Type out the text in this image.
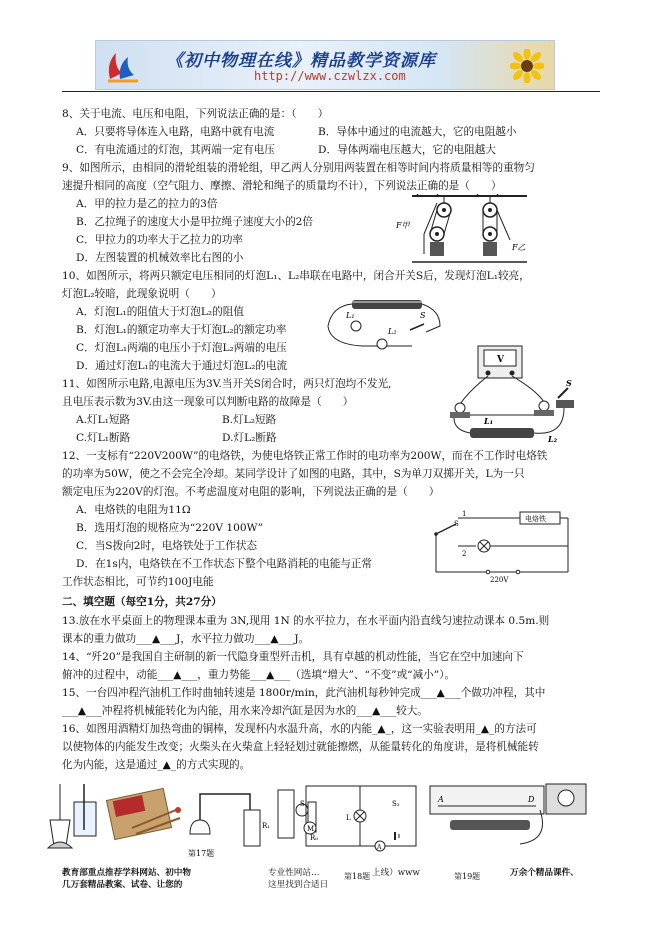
《初中物理在线》精品教学资源库
http://www.czwlzx.com
8、关于电流、电压和电阻，下列说法正确的是：（　　）
A．只要将导体连入电路，电路中就有电流	B．导体中通过的电流越大，它的电阻越小
C．有电流通过的灯泡，其两端一定有电压	D．导体两端电压越大，它的电阻越大
9、如图所示，由相同的滑轮组装的滑轮组，甲乙两人分别用两装置在相等时间内将质量相等的重物匀
速提升相同的高度（空气阻力、摩擦、滑轮和绳子的质量均不计），下列说法正确的是（　　）
A．甲的拉力是乙的拉力的3倍
B．乙拉绳子的速度大小是甲拉绳子速度大小的2倍
C．甲拉力的功率大于乙拉力的功率
D．左图装置的机械效率比右图的小
F甲
F乙
10、如图所示，将两只额定电压相同的灯泡L₁、L₂串联在电路中，闭合开关S后，发现灯泡L₁较亮，
灯泡L₂较暗，此现象说明（　　）
A．灯泡L₁的阻值大于灯泡L₂的阻值
B．灯泡L₁的额定功率大于灯泡L₂的额定功率
C．灯泡L₁两端的电压小于灯泡L₂两端的电压
D．通过灯泡L₁的电流大于通过灯泡L₂的电流
L₁
L₂
S
11、如图所示电路,电源电压为3V.当开关S闭合时，两只灯泡均不发光,
且电压表示数为3V.由这一现象可以判断电路的故障是（　　）
A.灯L₁短路	B.灯L₂短路
C.灯L₁断路	D.灯L₂断路
V
S
L₁
L₂
12、一支标有“220V200W”的电烙铁，为使电烙铁正常工作时的电功率为200W，而在不工作时电烙铁
的功率为50W，使之不会完全冷却。某同学设计了如图的电路，其中，S为单刀双掷开关，L为一只
额定电压为220V的灯泡。不考虑温度对电阻的影响，下列说法正确的是（　　）
A．电烙铁的电阻为11Ω
B．选用灯泡的规格应为“220V 100W”
C．当S拨向2时，电烙铁处于工作状态
D．在1s内，电烙铁在不工作状态下整个电路消耗的电能与正常
工作状态相比，可节约100J电能
电烙铁
S
1
2
220V
二、填空题（每空1分，共27分）
13.放在水平桌面上的物理课本重为 3N,现用 1N 的水平拉力，在水平面内沿直线匀速拉动课本 0.5m.则
课本的重力做功___▲___J，水平拉力做功___▲___J。
14、“歼20”是我国自主研制的新一代隐身重型歼击机，具有卓越的机动性能，当它在空中加速向下
俯冲的过程中，动能___▲___，重力势能___▲___（选填“增大”、“不变”或“减小”）。
15、一台四冲程汽油机工作时曲轴转速是 1800r/min，此汽油机每秒钟完成___▲___个做功冲程，其中
___▲___冲程将机械能转化为内能，用水来冷却汽缸是因为水的___▲___较大。
16、如图用酒精灯加热弯曲的铜棒，发现杯内水温升高，水的内能_▲_，这一实验表明用_▲_的方法可
以使物体的内能发生改变；火柴头在火柴盒上轻轻划过就能擦燃，从能量转化的角度讲，是将机械能转
化为内能，这是通过_▲_的方式实现的。
R₁
第17题
R₀
M
L
S₁	S₂
A
A	D
第18题	第19题
教育部重点推荐学科网站、初中物
几万套精品教案、试卷、让您的
专业性网站…
这里找到合适日
上线）www	万余个精品课件、
